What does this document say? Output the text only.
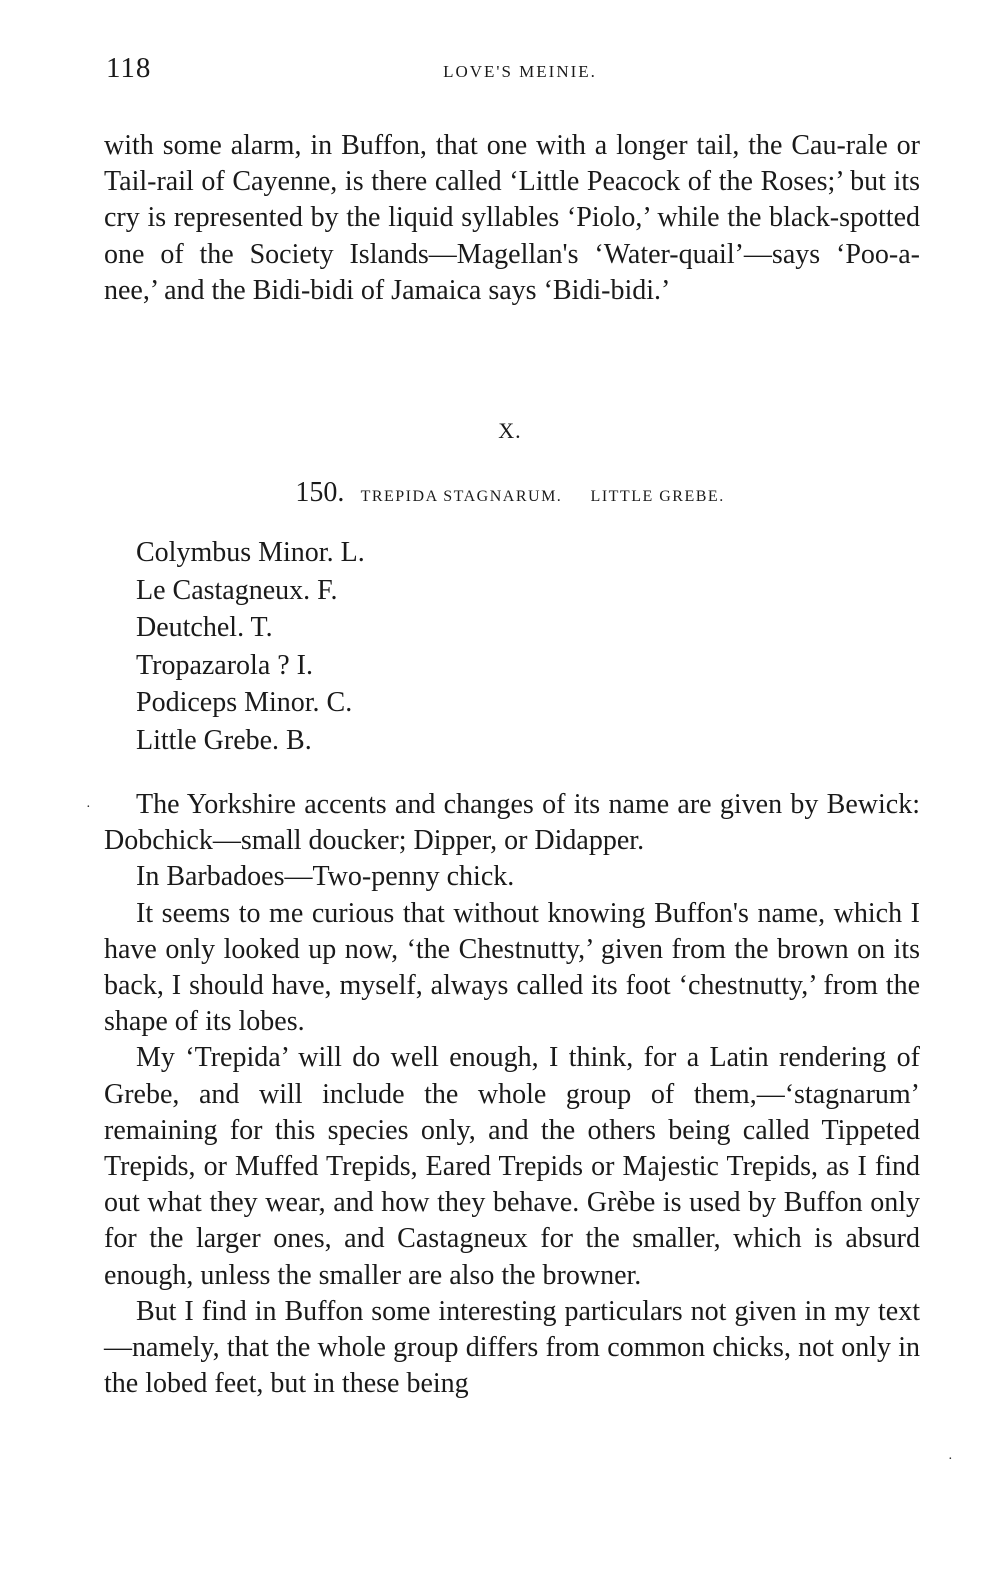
118	LOVE'S MEINIE.

with some alarm, in Buffon, that one with a longer tail, the Cau-rale or Tail-rail of Cayenne, is there called ‘Little Peacock of the Roses;’ but its cry is represented by the liquid syllables ‘Piolo,’ while the black-spotted one of the Society Islands—Magellan's ‘Water-quail’—says ‘Poo-a-nee,’ and the Bidi-bidi of Jamaica says ‘Bidi-bidi.’

X.
150. TREPIDA STAGNARUM. LITTLE GREBE.
Colymbus Minor. L.
Le Castagneux. F.
Deutchel. T.
Tropazarola ? I.
Podiceps Minor. C.
Little Grebe. B.
·	The Yorkshire accents and changes of its name are given by Bewick: Dobchick—small doucker; Dipper, or Didapper.

In Barbadoes—Two-penny chick.

It seems to me curious that without knowing Buffon's name, which I have only looked up now, ‘the Chestnutty,’ given from the brown on its back, I should have, myself, always called its foot ‘chestnutty,’ from the shape of its lobes.

My ‘Trepida’ will do well enough, I think, for a Latin rendering of Grebe, and will include the whole group of them,—‘stagnarum’ remaining for this species only, and the others being called Tippeted Trepids, or Muffed Trepids, Eared Trepids or Majestic Trepids, as I find out what they wear, and how they behave. Grèbe is used by Buffon only for the larger ones, and Castagneux for the smaller, which is absurd enough, unless the smaller are also the browner.

But I find in Buffon some interesting particulars not given in my text—namely, that the whole group differs from common chicks, not only in the lobed feet, but in these being

·
